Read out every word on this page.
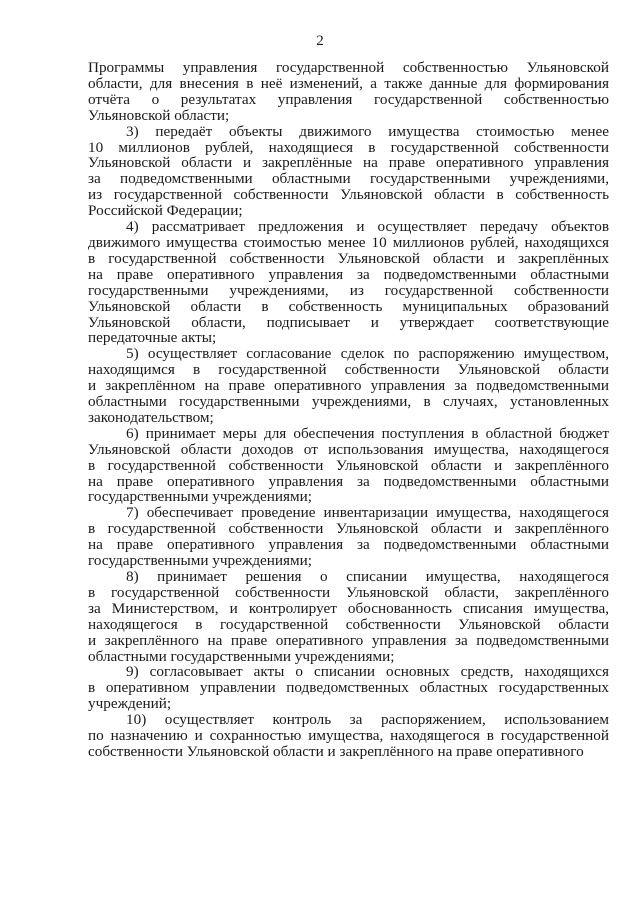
2

Программы управления государственной собственностью Ульяновской
области, для внесения в неё изменений, а также данные для формирования
отчёта о результатах управления государственной собственностью
Ульяновской области;

3) передаёт объекты движимого имущества стоимостью менее
10 миллионов рублей, находящиеся в государственной собственности
Ульяновской области и закреплённые на праве оперативного управления
за подведомственными областными государственными учреждениями,
из государственной собственности Ульяновской области в собственность
Российской Федерации;

4) рассматривает предложения и осуществляет передачу объектов
движимого имущества стоимостью менее 10 миллионов рублей, находящихся
в государственной собственности Ульяновской области и закреплённых
на праве оперативного управления за подведомственными областными
государственными учреждениями, из государственной собственности
Ульяновской области в собственность муниципальных образований
Ульяновской области, подписывает и утверждает соответствующие
передаточные акты;

5) осуществляет согласование сделок по распоряжению имуществом,
находящимся в государственной собственности Ульяновской области
и закреплённом на праве оперативного управления за подведомственными
областными государственными учреждениями, в случаях, установленных
законодательством;

6) принимает меры для обеспечения поступления в областной бюджет
Ульяновской области доходов от использования имущества, находящегося
в государственной собственности Ульяновской области и закреплённого
на праве оперативного управления за подведомственными областными
государственными учреждениями;

7) обеспечивает проведение инвентаризации имущества, находящегося
в государственной собственности Ульяновской области и закреплённого
на праве оперативного управления за подведомственными областными
государственными учреждениями;

8) принимает решения о списании имущества, находящегося
в государственной собственности Ульяновской области, закреплённого
за Министерством, и контролирует обоснованность списания имущества,
находящегося в государственной собственности Ульяновской области
и закреплённого на праве оперативного управления за подведомственными
областными государственными учреждениями;

9) согласовывает акты о списании основных средств, находящихся
в оперативном управлении подведомственных областных государственных
учреждений;

10) осуществляет контроль за распоряжением, использованием
по назначению и сохранностью имущества, находящегося в государственной
собственности Ульяновской области и закреплённого на праве оперативного
